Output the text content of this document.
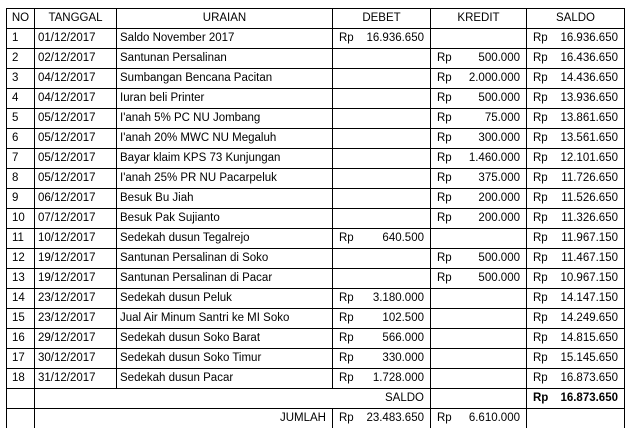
NO	TANGGAL	URAIAN	DEBET	KREDIT	SALDO
1	01/12/2017	Saldo November 2017	Rp 16.936.650		Rp 16.936.650

2	02/12/2017	Santunan Persalinan		Rp 500.000	Rp 16.436.650

3	04/12/2017	Sumbangan Bencana Pacitan		Rp 2.000.000	Rp 14.436.650

4	04/12/2017	Iuran beli Printer		Rp 500.000	Rp 13.936.650

5	05/12/2017	I'anah 5% PC NU Jombang		Rp 75.000	Rp 13.861.650

6	05/12/2017	I'anah 20% MWC NU Megaluh		Rp 300.000	Rp 13.561.650

7	05/12/2017	Bayar klaim KPS 73 Kunjungan		Rp 1.460.000	Rp 12.101.650

8	05/12/2017	I'anah 25% PR NU Pacarpeluk		Rp 375.000	Rp 11.726.650

9	06/12/2017	Besuk Bu Jiah		Rp 200.000	Rp 11.526.650

10	07/12/2017	Besuk Pak Sujianto		Rp 200.000	Rp 11.326.650

11	10/12/2017	Sedekah dusun Tegalrejo	Rp 640.500		Rp 11.967.150

12	19/12/2017	Santunan Persalinan di Soko		Rp 500.000	Rp 11.467.150

13	19/12/2017	Santunan Persalinan di Pacar		Rp 500.000	Rp 10.967.150

14	23/12/2017	Sedekah dusun Peluk	Rp 3.180.000		Rp 14.147.150

15	23/12/2017	Jual Air Minum Santri ke MI Soko	Rp 102.500		Rp 14.249.650

16	29/12/2017	Sedekah dusun Soko Barat	Rp 566.000		Rp 14.815.650

17	30/12/2017	Sedekah dusun Soko Timur	Rp 330.000		Rp 15.145.650

18	31/12/2017	Sedekah dusun Pacar	Rp 1.728.000		Rp 16.873.650

		SALDO			Rp 16.873.650

		JUMLAH	Rp 23.483.650	Rp 6.610.000	
